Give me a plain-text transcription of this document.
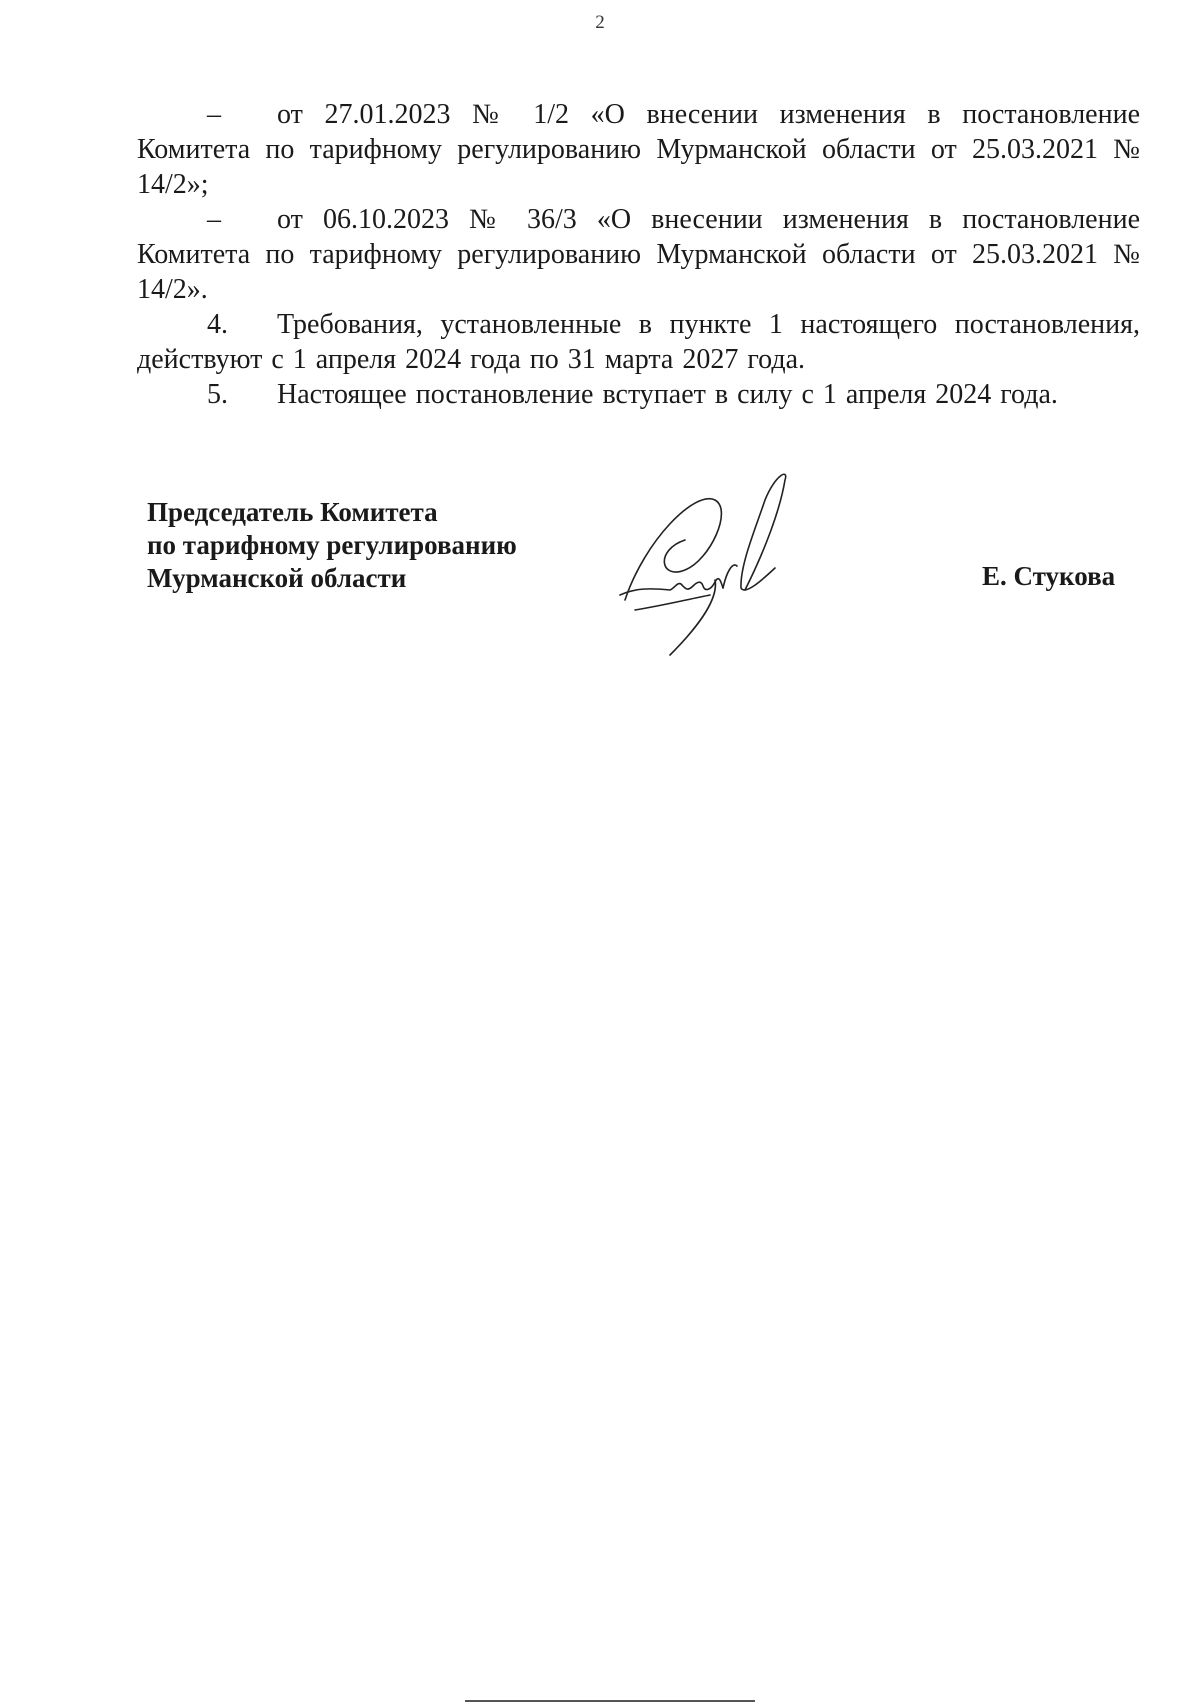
2

– от 27.01.2023 № 1/2 «О внесении изменения в постановление Комитета по тарифному регулированию Мурманской области от 25.03.2021 № 14/2»;

– от 06.10.2023 № 36/3 «О внесении изменения в постановление Комитета по тарифному регулированию Мурманской области от 25.03.2021 № 14/2».

4. Требования, установленные в пункте 1 настоящего постановления, действуют с 1 апреля 2024 года по 31 марта 2027 года.

5. Настоящее постановление вступает в силу с 1 апреля 2024 года.

Председатель Комитета
по тарифному регулированию
Мурманской области	Е. Стукова
